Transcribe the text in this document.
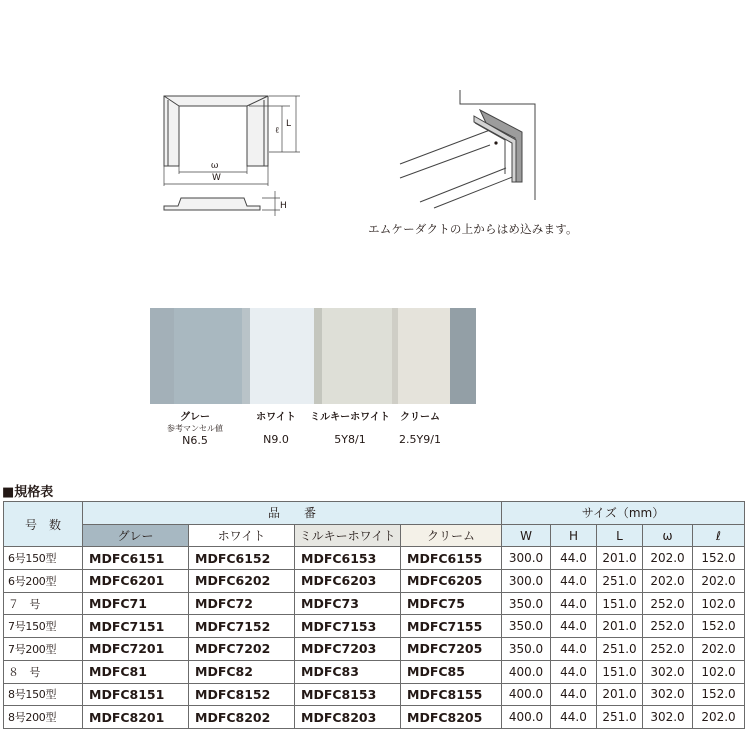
ω
W
ℓ
L
H
エムケーダクトの上からはめ込みます。
グレー
参考マンセル値
N6.5
ホワイト
N9.0
ミルキーホワイト
5Y8/1
クリーム
2.5Y9/1
■規格表
号　数	品　　番				サイズ（mm）				
	グレー	ホワイト	ミルキーホワイト	クリーム	W	H	L	ω	ℓ
6号150型	MDFC6151	MDFC6152	MDFC6153	MDFC6155	300.0	44.0	201.0	202.0	152.0
6号200型	MDFC6201	MDFC6202	MDFC6203	MDFC6205	300.0	44.0	251.0	202.0	202.0
７　号	MDFC71	MDFC72	MDFC73	MDFC75	350.0	44.0	151.0	252.0	102.0
7号150型	MDFC7151	MDFC7152	MDFC7153	MDFC7155	350.0	44.0	201.0	252.0	152.0
7号200型	MDFC7201	MDFC7202	MDFC7203	MDFC7205	350.0	44.0	251.0	252.0	202.0
８　号	MDFC81	MDFC82	MDFC83	MDFC85	400.0	44.0	151.0	302.0	102.0
8号150型	MDFC8151	MDFC8152	MDFC8153	MDFC8155	400.0	44.0	201.0	302.0	152.0
8号200型	MDFC8201	MDFC8202	MDFC8203	MDFC8205	400.0	44.0	251.0	302.0	202.0
